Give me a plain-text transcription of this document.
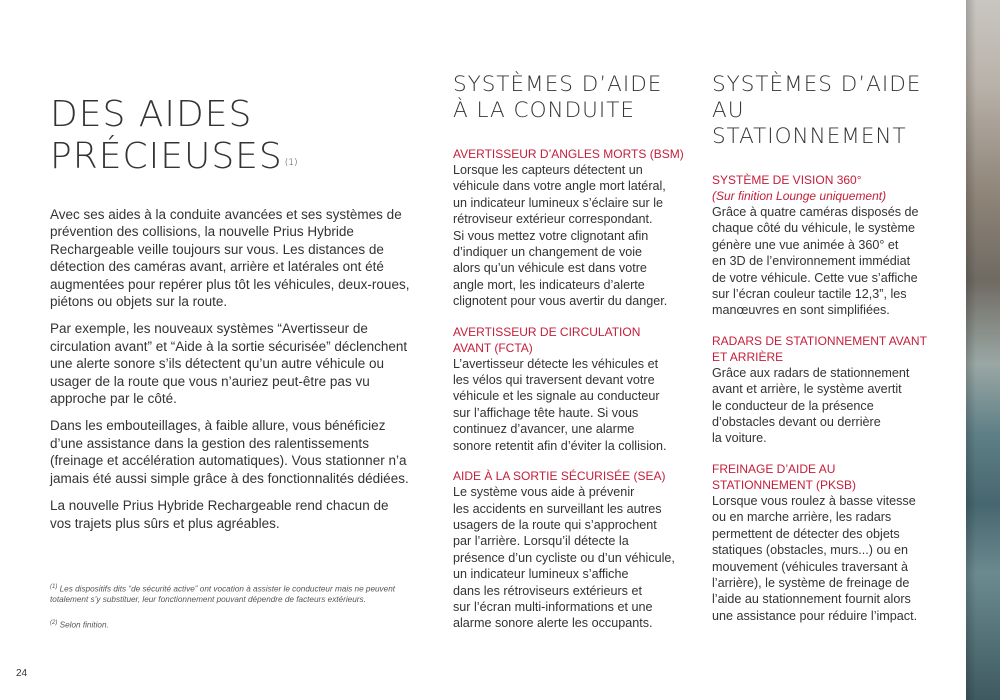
DES AIDES
PRÉCIEUSES $^{(1)}$

Avec ses aides à la conduite avancées et ses systèmes de prévention des collisions, la nouvelle Prius Hybride Rechargeable veille toujours sur vous. Les distances de détection des caméras avant, arrière et latérales ont été augmentées pour repérer plus tôt les véhicules, deux-roues, piétons ou objets sur la route.

Par exemple, les nouveaux systèmes “Avertisseur de circulation avant” et “Aide à la sortie sécurisée” déclenchent une alerte sonore s’ils détectent qu’un autre véhicule ou usager de la route que vous n’auriez peut-être pas vu approche par le côté.

Dans les embouteillages, à faible allure, vous bénéficiez d’une assistance dans la gestion des ralentissements (freinage et accélération automatiques). Vous stationner n’a jamais été aussi simple grâce à des fonctionnalités dédiées.

La nouvelle Prius Hybride Rechargeable rend chacun de vos trajets plus sûrs et plus agréables.

$^{(1)}$ Les dispositifs dits “de sécurité active” ont vocation à assister le conducteur mais ne peuvent totalement s’y substituer, leur fonctionnement pouvant dépendre de facteurs extérieurs.

$^{(2)}$ Selon finition.

24
SYSTÈMES D’AIDE
À LA CONDUITE
AVERTISSEUR D’ANGLES MORTS (BSM)
Lorsque les capteurs détectent un
véhicule dans votre angle mort latéral,
un indicateur lumineux s’éclaire sur le
rétroviseur extérieur correspondant.
Si vous mettez votre clignotant afin
d’indiquer un changement de voie
alors qu’un véhicule est dans votre
angle mort, les indicateurs d’alerte
clignotent pour vous avertir du danger.
AVERTISSEUR DE CIRCULATION
AVANT (FCTA)
L’avertisseur détecte les véhicules et
les vélos qui traversent devant votre
véhicule et les signale au conducteur
sur l’affichage tête haute. Si vous
continuez d’avancer, une alarme
sonore retentit afin d’éviter la collision.
AIDE À LA SORTIE SÉCURISÉE (SEA)
Le système vous aide à prévenir
les accidents en surveillant les autres
usagers de la route qui s’approchent
par l’arrière. Lorsqu’il détecte la
présence d’un cycliste ou d’un véhicule,
un indicateur lumineux s’affiche
dans les rétroviseurs extérieurs et
sur l’écran multi-informations et une
alarme sonore alerte les occupants.
SYSTÈMES D’AIDE AU
STATIONNEMENT
SYSTÈME DE VISION 360°
(Sur finition Lounge uniquement)
Grâce à quatre caméras disposés de
chaque côté du véhicule, le système
génère une vue animée à 360° et
en 3D de l’environnement immédiat
de votre véhicule. Cette vue s’affiche
sur l’écran couleur tactile 12,3”, les
manœuvres en sont simplifiées.
RADARS DE STATIONNEMENT AVANT
ET ARRIÈRE
Grâce aux radars de stationnement
avant et arrière, le système avertit
le conducteur de la présence
d’obstacles devant ou derrière
la voiture.
FREINAGE D’AIDE AU
STATIONNEMENT (PKSB)
Lorsque vous roulez à basse vitesse
ou en marche arrière, les radars
permettent de détecter des objets
statiques (obstacles, murs...) ou en
mouvement (véhicules traversant à
l’arrière), le système de freinage de
l’aide au stationnement fournit alors
une assistance pour réduire l’impact.
